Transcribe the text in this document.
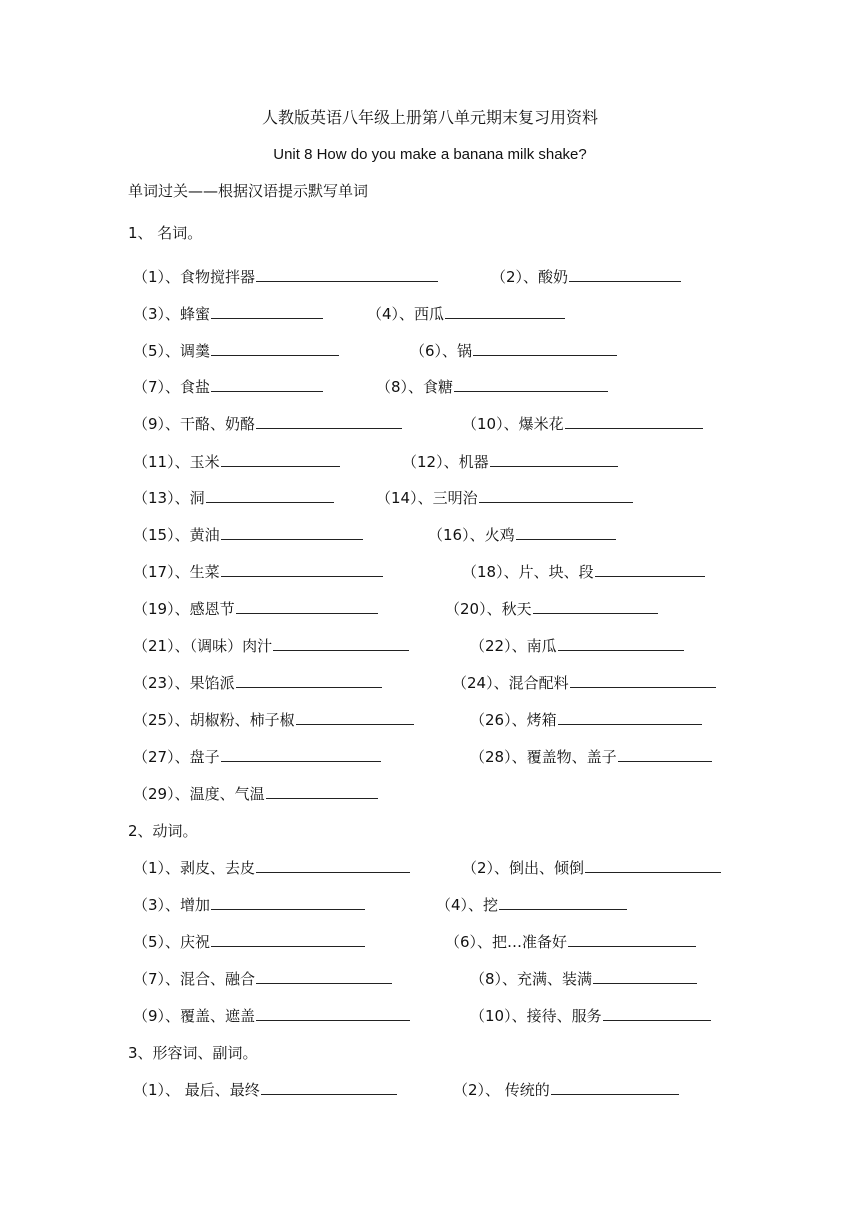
人教版英语八年级上册第八单元期末复习用资料
Unit 8 How do you make a banana milk shake?
单词过关——根据汉语提示默写单词
1、 名词。
（1）、食物搅拌器	（2）、酸奶
（3）、蜂蜜	（4）、西瓜
（5）、调羹	（6）、锅
（7）、食盐	（8）、食糖
（9）、干酪、奶酪	（10）、爆米花
（11）、玉米	（12）、机器
（13）、洞	（14）、三明治
（15）、黄油	（16）、火鸡
（17）、生菜	（18）、片、块、段
（19）、感恩节	（20）、秋天
（21）、（调味）肉汁	（22）、南瓜
（23）、果馅派	（24）、混合配料
（25）、胡椒粉、柿子椒	（26）、烤箱
（27）、盘子	（28）、覆盖物、盖子
（29）、温度、气温
2、动词。
（1）、剥皮、去皮	（2）、倒出、倾倒
（3）、增加	（4）、挖
（5）、庆祝	（6）、把…准备好
（7）、混合、融合	（8）、充满、装满
（9）、覆盖、遮盖	（10）、接待、服务
3、形容词、副词。
（1）、 最后、最终	（2）、 传统的
